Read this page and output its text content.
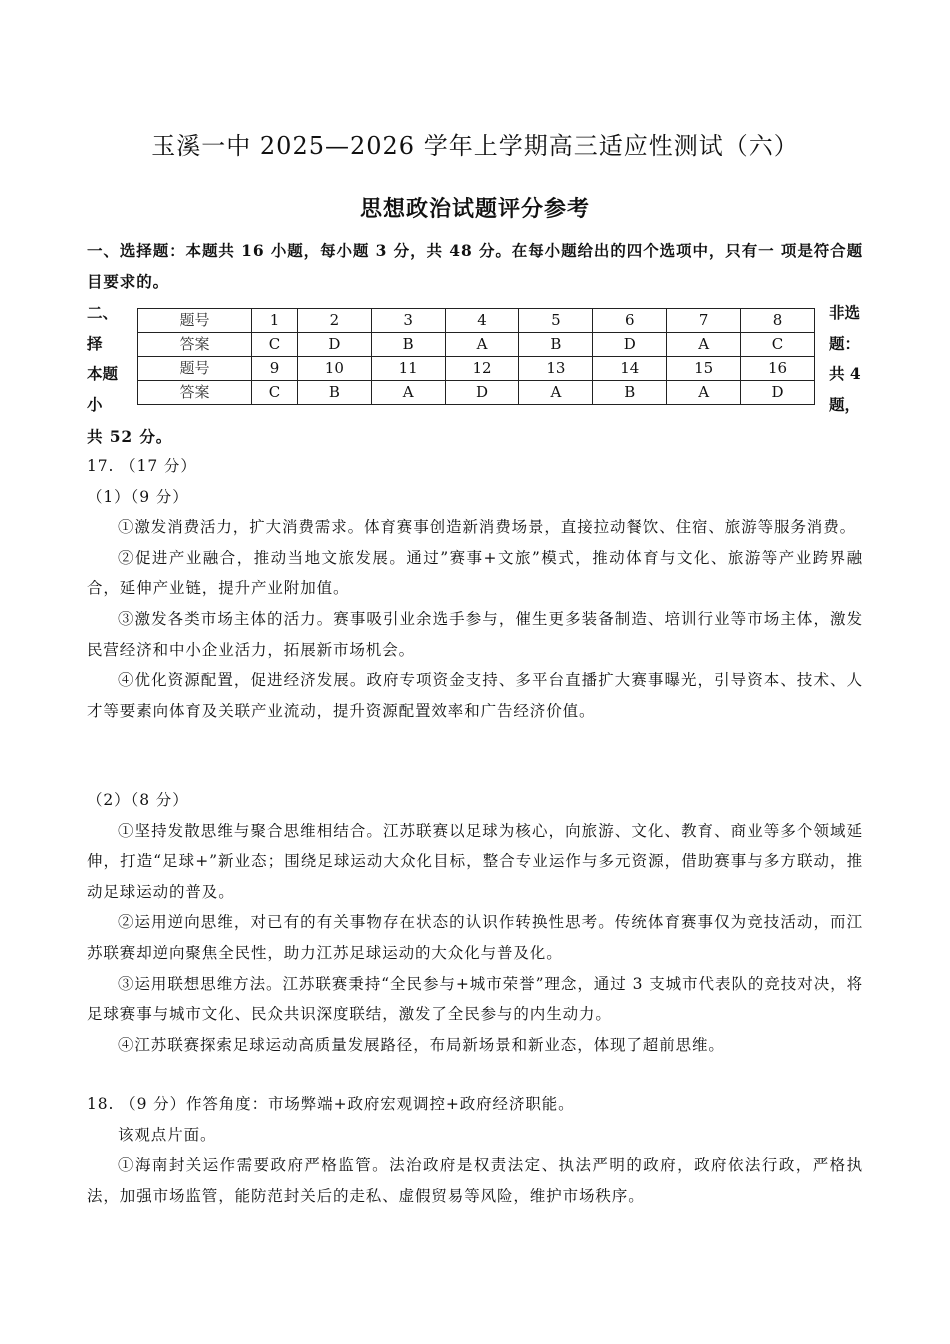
玉溪一中 2025—2026 学年上学期高三适应性测试（六）
思想政治试题评分参考
一、选择题：本题共 16 小题，每小题 3 分，共 48 分。在每小题给出的四个选项中，只有一 项是符合题目要求的。
二、
择
本题
小
非选
题：
共 4
题，
题号	1	2	3	4	5	6	7	8
答案	C	D	B	A	B	D	A	C
题号	9	10	11	12	13	14	15	16
答案	C	B	A	D	A	B	A	D
共 52 分。

17. （17 分）

（1）（9 分）

①激发消费活力，扩大消费需求。体育赛事创造新消费场景，直接拉动餐饮、住宿、旅游等服务消费。

②促进产业融合，推动当地文旅发展。通过”赛事+文旅”模式，推动体育与文化、旅游等产业跨界融合，延伸产业链，提升产业附加值。

③激发各类市场主体的活力。赛事吸引业余选手参与，催生更多装备制造、培训行业等市场主体，激发民营经济和中小企业活力，拓展新市场机会。

④优化资源配置，促进经济发展。政府专项资金支持、多平台直播扩大赛事曝光，引导资本、技术、人才等要素向体育及关联产业流动，提升资源配置效率和广告经济价值。

（2）（8 分）

①坚持发散思维与聚合思维相结合。江苏联赛以足球为核心，向旅游、文化、教育、商业等多个领域延伸，打造“足球+”新业态；围绕足球运动大众化目标，整合专业运作与多元资源，借助赛事与多方联动，推动足球运动的普及。

②运用逆向思维，对已有的有关事物存在状态的认识作转换性思考。传统体育赛事仅为竞技活动，而江苏联赛却逆向聚焦全民性，助力江苏足球运动的大众化与普及化。

③运用联想思维方法。江苏联赛秉持“全民参与+城市荣誉”理念，通过 3 支城市代表队的竞技对决，将足球赛事与城市文化、民众共识深度联结，激发了全民参与的内生动力。

④江苏联赛探索足球运动高质量发展路径，布局新场景和新业态，体现了超前思维。

18. （9 分）作答角度：市场弊端+政府宏观调控+政府经济职能。

该观点片面。

①海南封关运作需要政府严格监管。法治政府是权责法定、执法严明的政府，政府依法行政，严格执法，加强市场监管，能防范封关后的走私、虚假贸易等风险，维护市场秩序。
